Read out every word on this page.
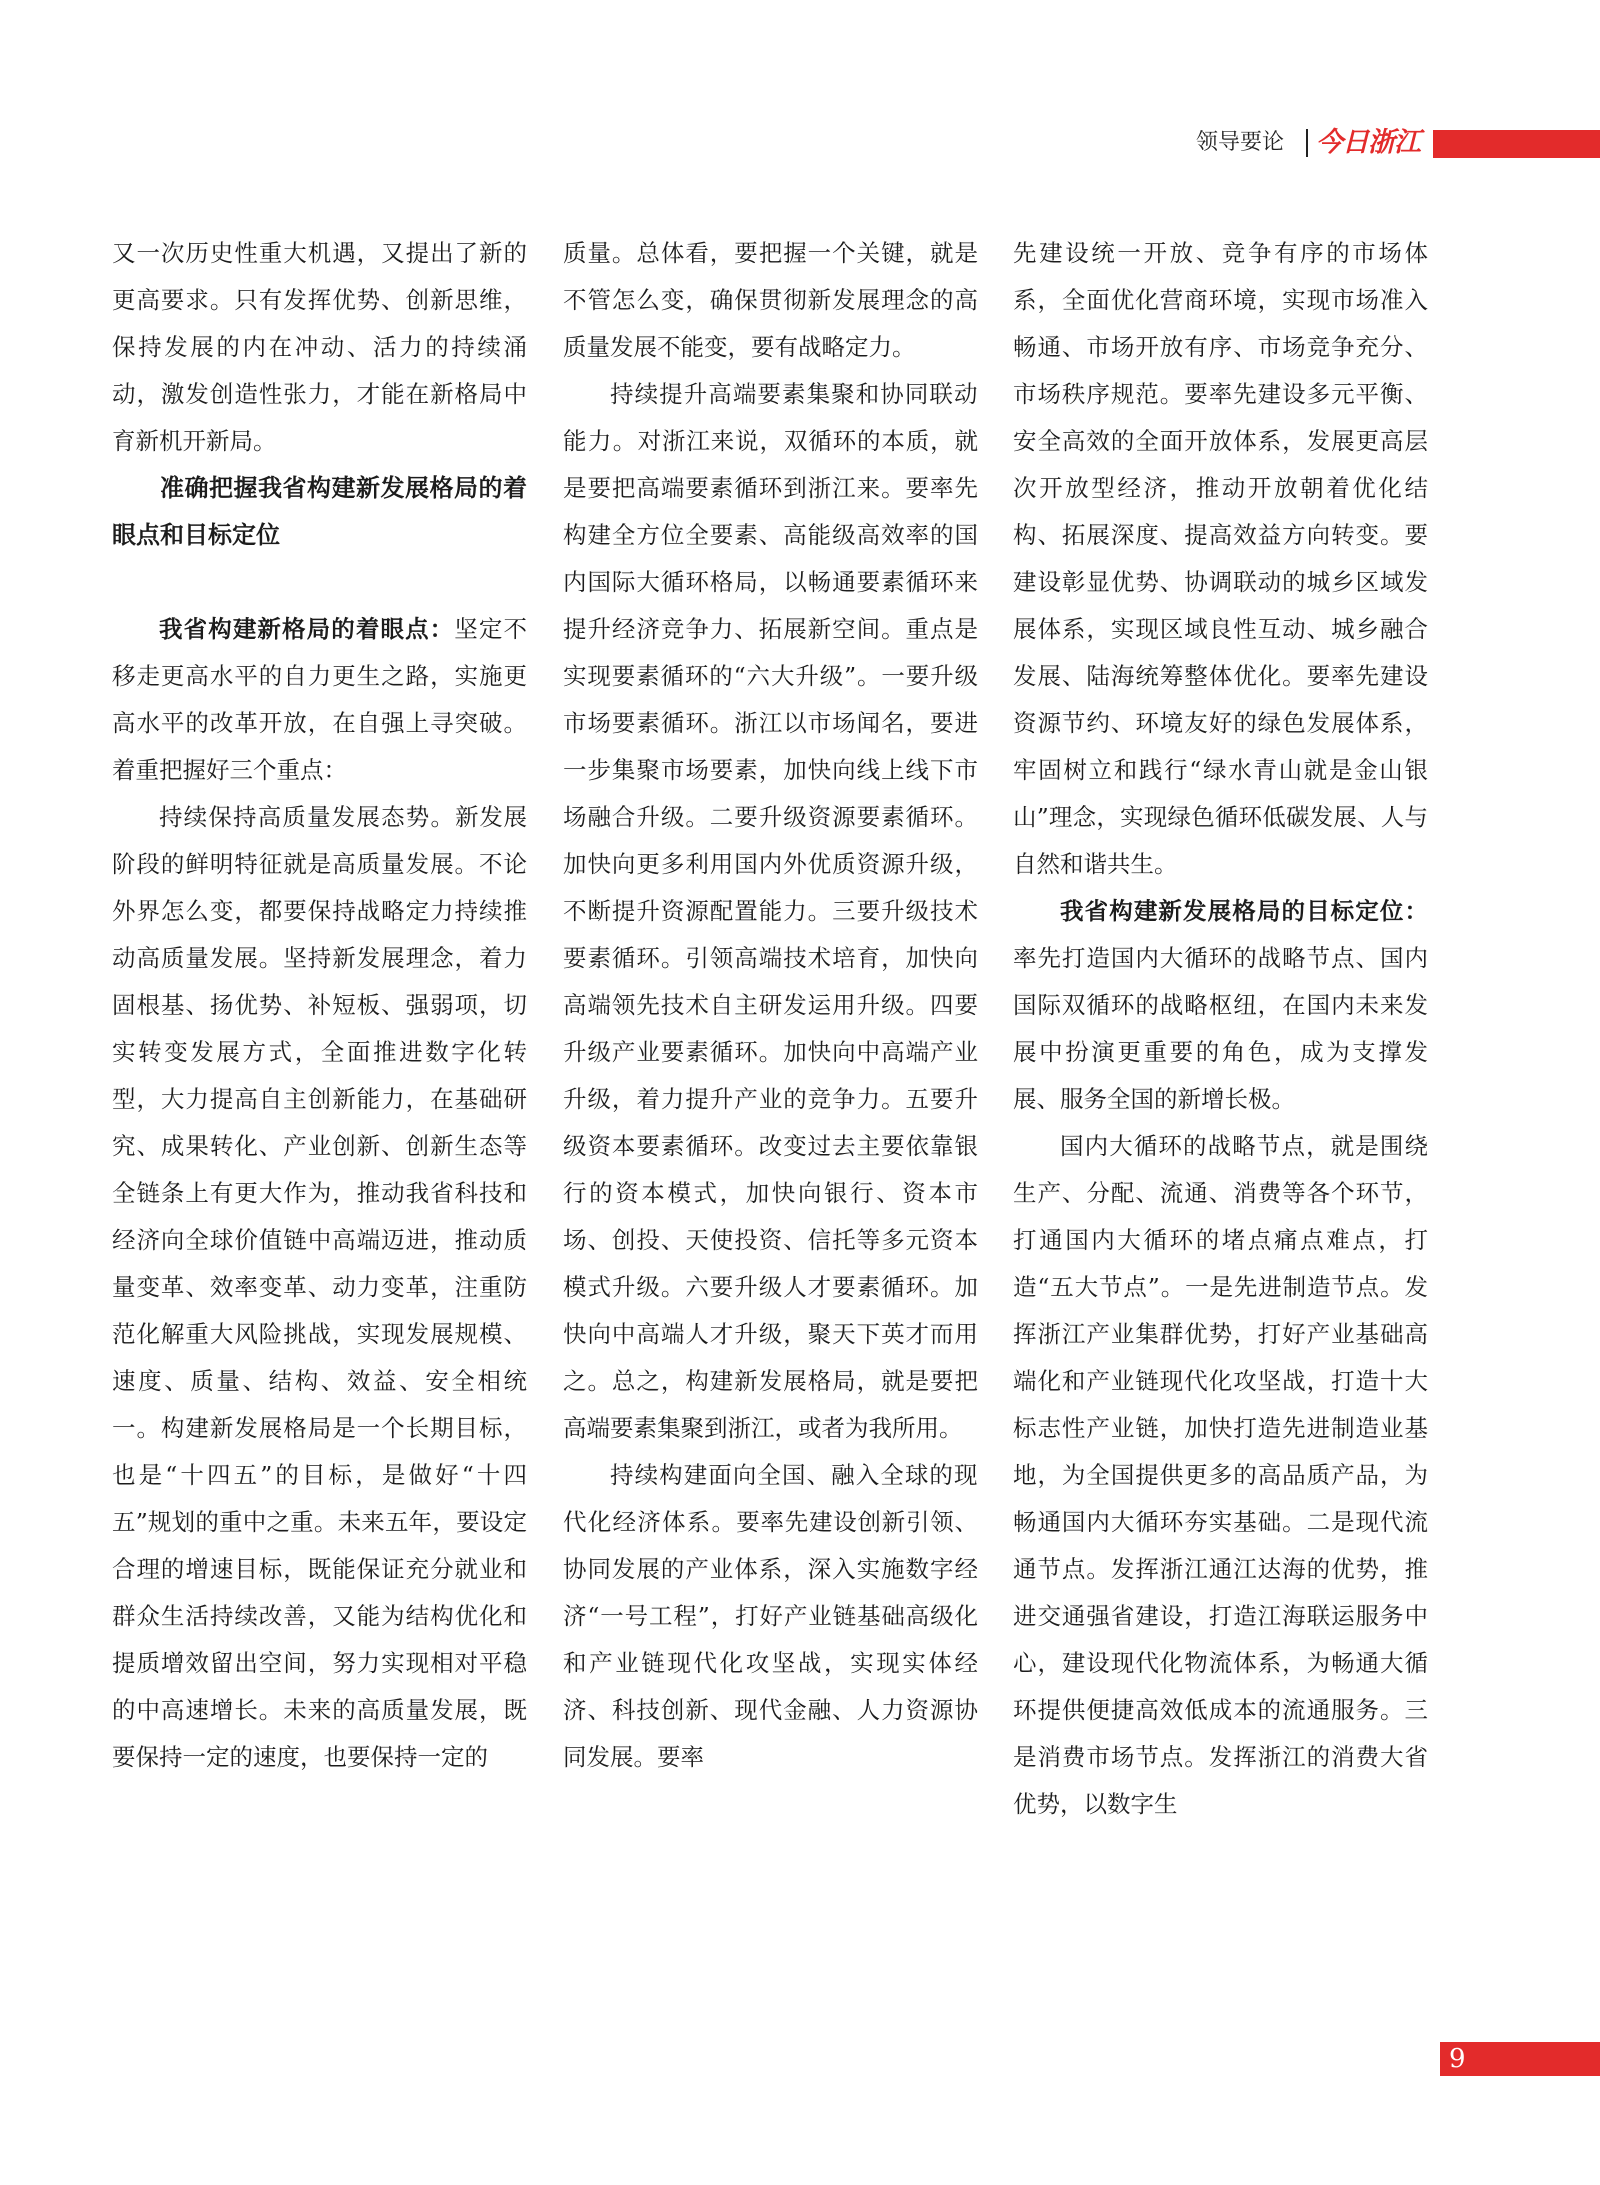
领导要论 今日浙江

又一次历史性重大机遇，又提出了新的更高要求。只有发挥优势、创新思维，保持发展的内在冲动、活力的持续涌动，激发创造性张力，才能在新格局中育新机开新局。

准确把握我省构建新发展格局的着眼点和目标定位

我省构建新格局的着眼点：坚定不移走更高水平的自力更生之路，实施更高水平的改革开放，在自强上寻突破。着重把握好三个重点：

持续保持高质量发展态势。新发展阶段的鲜明特征就是高质量发展。不论外界怎么变，都要保持战略定力持续推动高质量发展。坚持新发展理念，着力固根基、扬优势、补短板、强弱项，切实转变发展方式，全面推进数字化转型，大力提高自主创新能力，在基础研究、成果转化、产业创新、创新生态等全链条上有更大作为，推动我省科技和经济向全球价值链中高端迈进，推动质量变革、效率变革、动力变革，注重防范化解重大风险挑战，实现发展规模、速度、质量、结构、效益、安全相统一。构建新发展格局是一个长期目标，也是“十四五”的目标，是做好“十四五”规划的重中之重。未来五年，要设定合理的增速目标，既能保证充分就业和群众生活持续改善，又能为结构优化和提质增效留出空间，努力实现相对平稳的中高速增长。未来的高质量发展，既要保持一定的速度，也要保持一定的

质量。总体看，要把握一个关键，就是不管怎么变，确保贯彻新发展理念的高质量发展不能变，要有战略定力。

持续提升高端要素集聚和协同联动能力。对浙江来说，双循环的本质，就是要把高端要素循环到浙江来。要率先构建全方位全要素、高能级高效率的国内国际大循环格局，以畅通要素循环来提升经济竞争力、拓展新空间。重点是实现要素循环的“六大升级”。一要升级市场要素循环。浙江以市场闻名，要进一步集聚市场要素，加快向线上线下市场融合升级。二要升级资源要素循环。加快向更多利用国内外优质资源升级，不断提升资源配置能力。三要升级技术要素循环。引领高端技术培育，加快向高端领先技术自主研发运用升级。四要升级产业要素循环。加快向中高端产业升级，着力提升产业的竞争力。五要升级资本要素循环。改变过去主要依靠银行的资本模式，加快向银行、资本市场、创投、天使投资、信托等多元资本模式升级。六要升级人才要素循环。加快向中高端人才升级，聚天下英才而用之。总之，构建新发展格局，就是要把高端要素集聚到浙江，或者为我所用。

持续构建面向全国、融入全球的现代化经济体系。要率先建设创新引领、协同发展的产业体系，深入实施数字经济“一号工程”，打好产业链基础高级化和产业链现代化攻坚战，实现实体经济、科技创新、现代金融、人力资源协同发展。要率

先建设统一开放、竞争有序的市场体系，全面优化营商环境，实现市场准入畅通、市场开放有序、市场竞争充分、市场秩序规范。要率先建设多元平衡、安全高效的全面开放体系，发展更高层次开放型经济，推动开放朝着优化结构、拓展深度、提高效益方向转变。要建设彰显优势、协调联动的城乡区域发展体系，实现区域良性互动、城乡融合发展、陆海统筹整体优化。要率先建设资源节约、环境友好的绿色发展体系，牢固树立和践行“绿水青山就是金山银山”理念，实现绿色循环低碳发展、人与自然和谐共生。

我省构建新发展格局的目标定位：率先打造国内大循环的战略节点、国内国际双循环的战略枢纽，在国内未来发展中扮演更重要的角色，成为支撑发展、服务全国的新增长极。

国内大循环的战略节点，就是围绕生产、分配、流通、消费等各个环节，打通国内大循环的堵点痛点难点，打造“五大节点”。一是先进制造节点。发挥浙江产业集群优势，打好产业基础高端化和产业链现代化攻坚战，打造十大标志性产业链，加快打造先进制造业基地，为全国提供更多的高品质产品，为畅通国内大循环夯实基础。二是现代流通节点。发挥浙江通江达海的优势，推进交通强省建设，打造江海联运服务中心，建设现代化物流体系，为畅通大循环提供便捷高效低成本的流通服务。三是消费市场节点。发挥浙江的消费大省优势，以数字生

9
